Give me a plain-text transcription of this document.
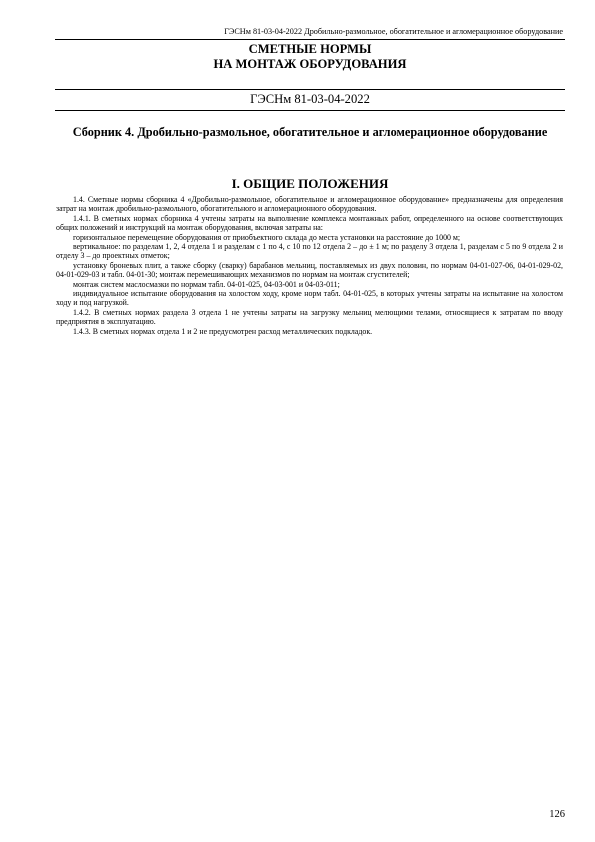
ГЭСНм 81-03-04-2022 Дробильно-размольное, обогатительное и агломерационное оборудование
СМЕТНЫЕ НОРМЫ
НА МОНТАЖ ОБОРУДОВАНИЯ
ГЭСНм 81-03-04-2022
Сборник 4. Дробильно-размольное, обогатительное и агломерационное оборудование
I. ОБЩИЕ ПОЛОЖЕНИЯ

1.4. Сметные нормы сборника 4 «Дробильно-размольное, обогатительное и агломерационное оборудование» предназначены для определения затрат на монтаж дробильно-размольного, обогатительного и агломерационного оборудования.

1.4.1. В сметных нормах сборника 4 учтены затраты на выполнение комплекса монтажных работ, определенного на основе соответствующих общих положений и инструкций на монтаж оборудования, включая затраты на:

горизонтальное перемещение оборудования от приобъектного склада до места установки на расстояние до 1000 м;

вертикальное: по разделам 1, 2, 4 отдела 1 и разделам с 1 по 4, с 10 по 12 отдела 2 – до ± 1 м; по разделу 3 отдела 1, разделам с 5 по 9 отдела 2 и отделу 3 – до проектных отметок;

установку броневых плит, а также сборку (сварку) барабанов мельниц, поставляемых из двух половин, по нормам 04-01-027-06, 04-01-029-02, 04-01-029-03 и табл. 04-01-30; монтаж перемешивающих механизмов по нормам на монтаж сгустителей;

монтаж систем маслосмазки по нормам табл. 04-01-025, 04-03-001 и 04-03-011;

индивидуальное испытание оборудования на холостом ходу, кроме норм табл. 04-01-025, в которых учтены затраты на испытание на холостом ходу и под нагрузкой.

1.4.2. В сметных нормах раздела 3 отдела 1 не учтены затраты на загрузку мельниц мелющими телами, относящиеся к затратам по вводу предприятия в эксплуатацию.

1.4.3. В сметных нормах отдела 1 и 2 не предусмотрен расход металлических подкладок.

126
